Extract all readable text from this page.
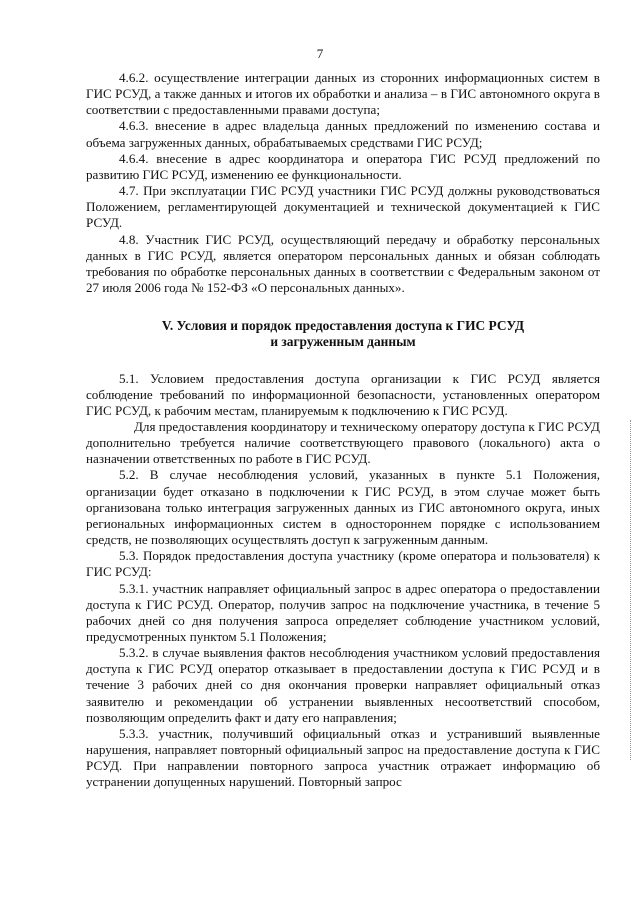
7

4.6.2. осуществление интеграции данных из сторонних информационных систем в ГИС РСУД, а также данных и итогов их обработки и анализа – в ГИС автономного округа в соответствии с предоставленными правами доступа;

4.6.3. внесение в адрес владельца данных предложений по изменению состава и объема загруженных данных, обрабатываемых средствами ГИС РСУД;

4.6.4. внесение в адрес координатора и оператора ГИС РСУД предложений по развитию ГИС РСУД, изменению ее функциональности.

4.7. При эксплуатации ГИС РСУД участники ГИС РСУД должны руководствоваться Положением, регламентирующей документацией и технической документацией к ГИС РСУД.

4.8. Участник ГИС РСУД, осуществляющий передачу и обработку персональных данных в ГИС РСУД, является оператором персональных данных и обязан соблюдать требования по обработке персональных данных в соответствии с Федеральным законом от 27 июля 2006 года № 152-ФЗ «О персональных данных».

V. Условия и порядок предоставления доступа к ГИС РСУД
и загруженным данным

5.1. Условием предоставления доступа организации к ГИС РСУД является соблюдение требований по информационной безопасности, установленных оператором ГИС РСУД, к рабочим местам, планируемым к подключению к ГИС РСУД.

Для предоставления координатору и техническому оператору доступа к ГИС РСУД дополнительно требуется наличие соответствующего правового (локального) акта о назначении ответственных по работе в ГИС РСУД.

5.2. В случае несоблюдения условий, указанных в пункте 5.1 Положения, организации будет отказано в подключении к ГИС РСУД, в этом случае может быть организована только интеграция загруженных данных из ГИС автономного округа, иных региональных информационных систем в одностороннем порядке с использованием средств, не позволяющих осуществлять доступ к загруженным данным.

5.3. Порядок предоставления доступа участнику (кроме оператора и пользователя) к ГИС РСУД:

5.3.1. участник направляет официальный запрос в адрес оператора о предоставлении доступа к ГИС РСУД. Оператор, получив запрос на подключение участника, в течение 5 рабочих дней со дня получения запроса определяет соблюдение участником условий, предусмотренных пунктом 5.1 Положения;

5.3.2. в случае выявления фактов несоблюдения участником условий предоставления доступа к ГИС РСУД оператор отказывает в предоставлении доступа к ГИС РСУД и в течение 3 рабочих дней со дня окончания проверки направляет официальный отказ заявителю и рекомендации об устранении выявленных несоответствий способом, позволяющим определить факт и дату его направления;

5.3.3. участник, получивший официальный отказ и устранивший выявленные нарушения, направляет повторный официальный запрос на предоставление доступа к ГИС РСУД. При направлении повторного запроса участник отражает информацию об устранении допущенных нарушений. Повторный запрос
